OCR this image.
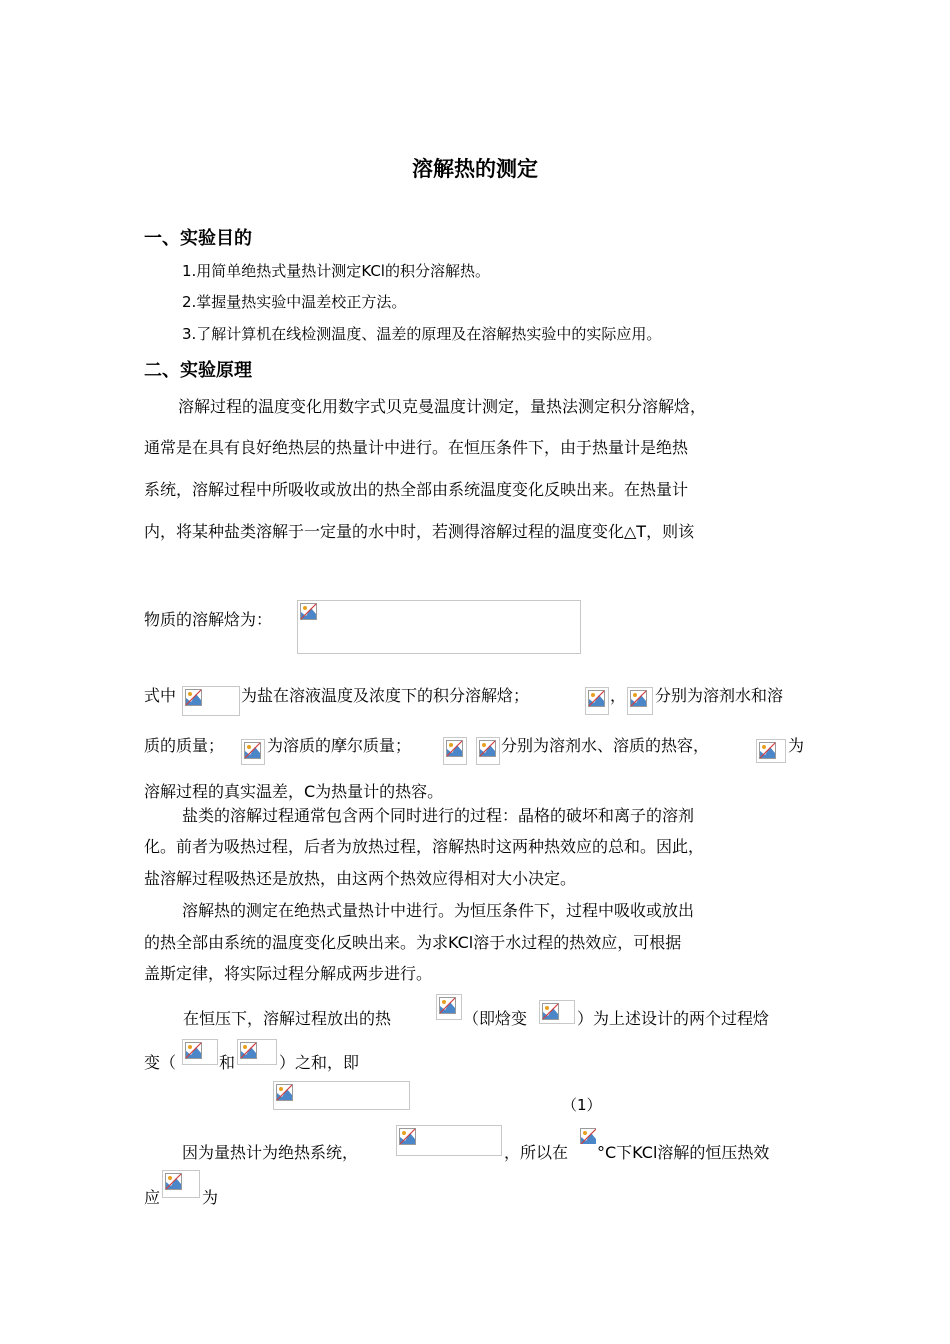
溶解热的测定
一、实验目的
1.用简单绝热式量热计测定KCl的积分溶解热。
2.掌握量热实验中温差校正方法。
3.了解计算机在线检测温度、温差的原理及在溶解热实验中的实际应用。
二、实验原理
溶解过程的温度变化用数字式贝克曼温度计测定，量热法测定积分溶解焓，
通常是在具有良好绝热层的热量计中进行。在恒压条件下，由于热量计是绝热
系统，溶解过程中所吸收或放出的热全部由系统温度变化反映出来。在热量计
内，将某种盐类溶解于一定量的水中时，若测得溶解过程的温度变化△T，则该
物质的溶解焓为：
式中	为盐在溶液温度及浓度下的积分溶解焓；	， 分别为溶剂水和溶
质的质量；	为溶质的摩尔质量；	分别为溶剂水、溶质的热容，	为
溶解过程的真实温差，C为热量计的热容。
盐类的溶解过程通常包含两个同时进行的过程：晶格的破坏和离子的溶剂
化。前者为吸热过程，后者为放热过程，溶解热时这两种热效应的总和。因此，
盐溶解过程吸热还是放热，由这两个热效应得相对大小决定。
溶解热的测定在绝热式量热计中进行。为恒压条件下，过程中吸收或放出
的热全部由系统的温度变化反映出来。为求KCl溶于水过程的热效应，可根据
盖斯定律，将实际过程分解成两步进行。
在恒压下，溶解过程放出的热	（即焓变	）为上述设计的两个过程焓
变（	和	）之和，即
（1）
因为量热计为绝热系统，	，所以在 °C下KCl溶解的恒压热效
应	为
